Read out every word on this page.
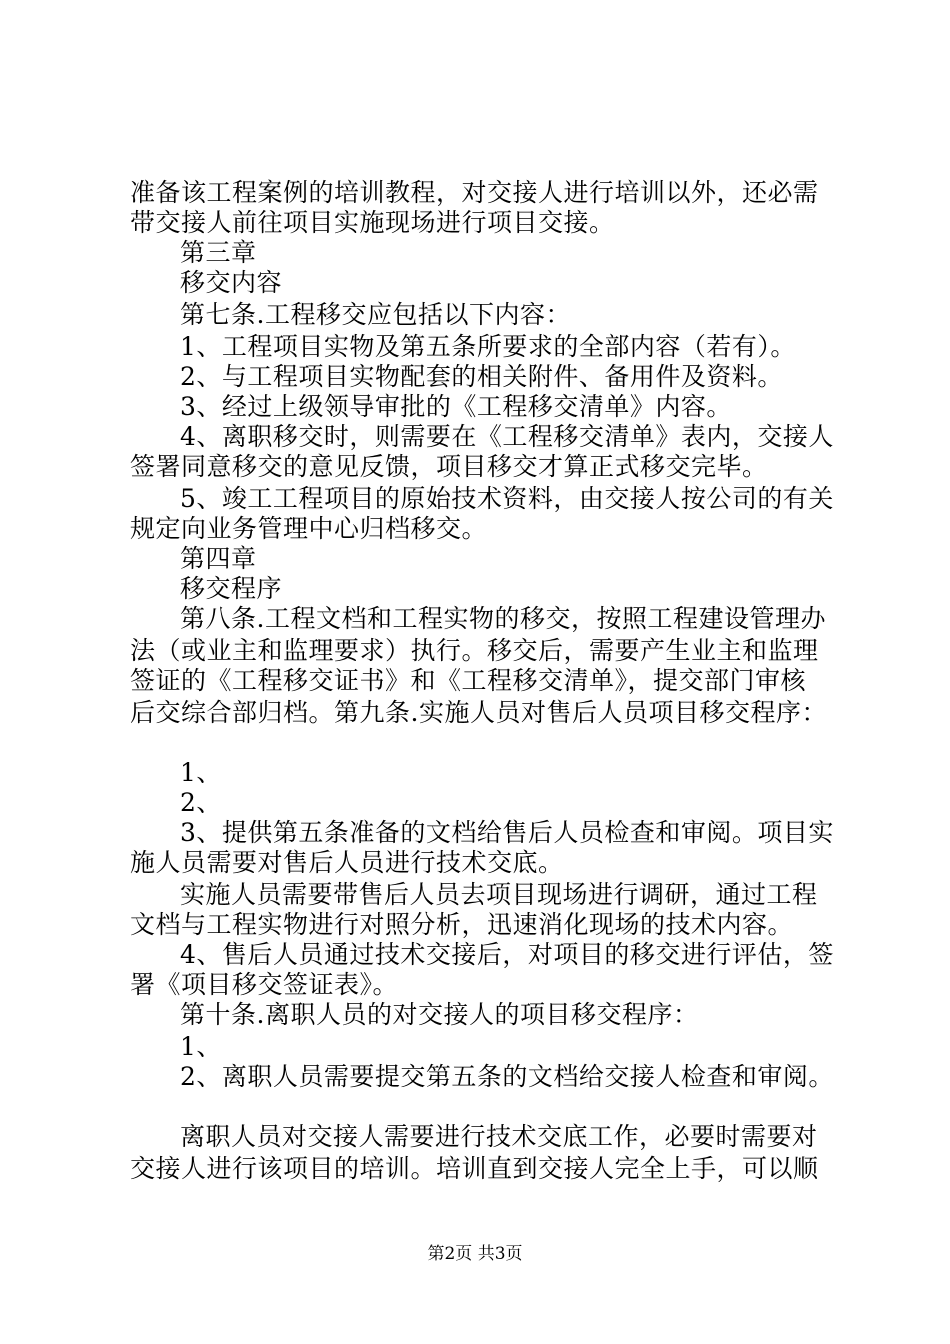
准备该工程案例的培训教程，对交接人进行培训以外，还必需
带交接人前往项目实施现场进行项目交接。
第三章
移交内容
第七条.工程移交应包括以下内容：
1、工程项目实物及第五条所要求的全部内容（若有）。
2、与工程项目实物配套的相关附件、备用件及资料。
3、经过上级领导审批的《工程移交清单》内容。
4、离职移交时，则需要在《工程移交清单》表内，交接人
签署同意移交的意见反馈，项目移交才算正式移交完毕。
5、竣工工程项目的原始技术资料，由交接人按公司的有关
规定向业务管理中心归档移交。
第四章
移交程序
第八条.工程文档和工程实物的移交，按照工程建设管理办
法（或业主和监理要求）执行。移交后，需要产生业主和监理
签证的《工程移交证书》和《工程移交清单》，提交部门审核
后交综合部归档。第九条.实施人员对售后人员项目移交程序：
1、
2、
3、提供第五条准备的文档给售后人员检查和审阅。项目实
施人员需要对售后人员进行技术交底。
实施人员需要带售后人员去项目现场进行调研，通过工程
文档与工程实物进行对照分析，迅速消化现场的技术内容。
4、售后人员通过技术交接后，对项目的移交进行评估，签
署《项目移交签证表》。
第十条.离职人员的对交接人的项目移交程序：
1、
2、离职人员需要提交第五条的文档给交接人检查和审阅。
离职人员对交接人需要进行技术交底工作，必要时需要对
交接人进行该项目的培训。培训直到交接人完全上手，可以顺
第2页 共3页
